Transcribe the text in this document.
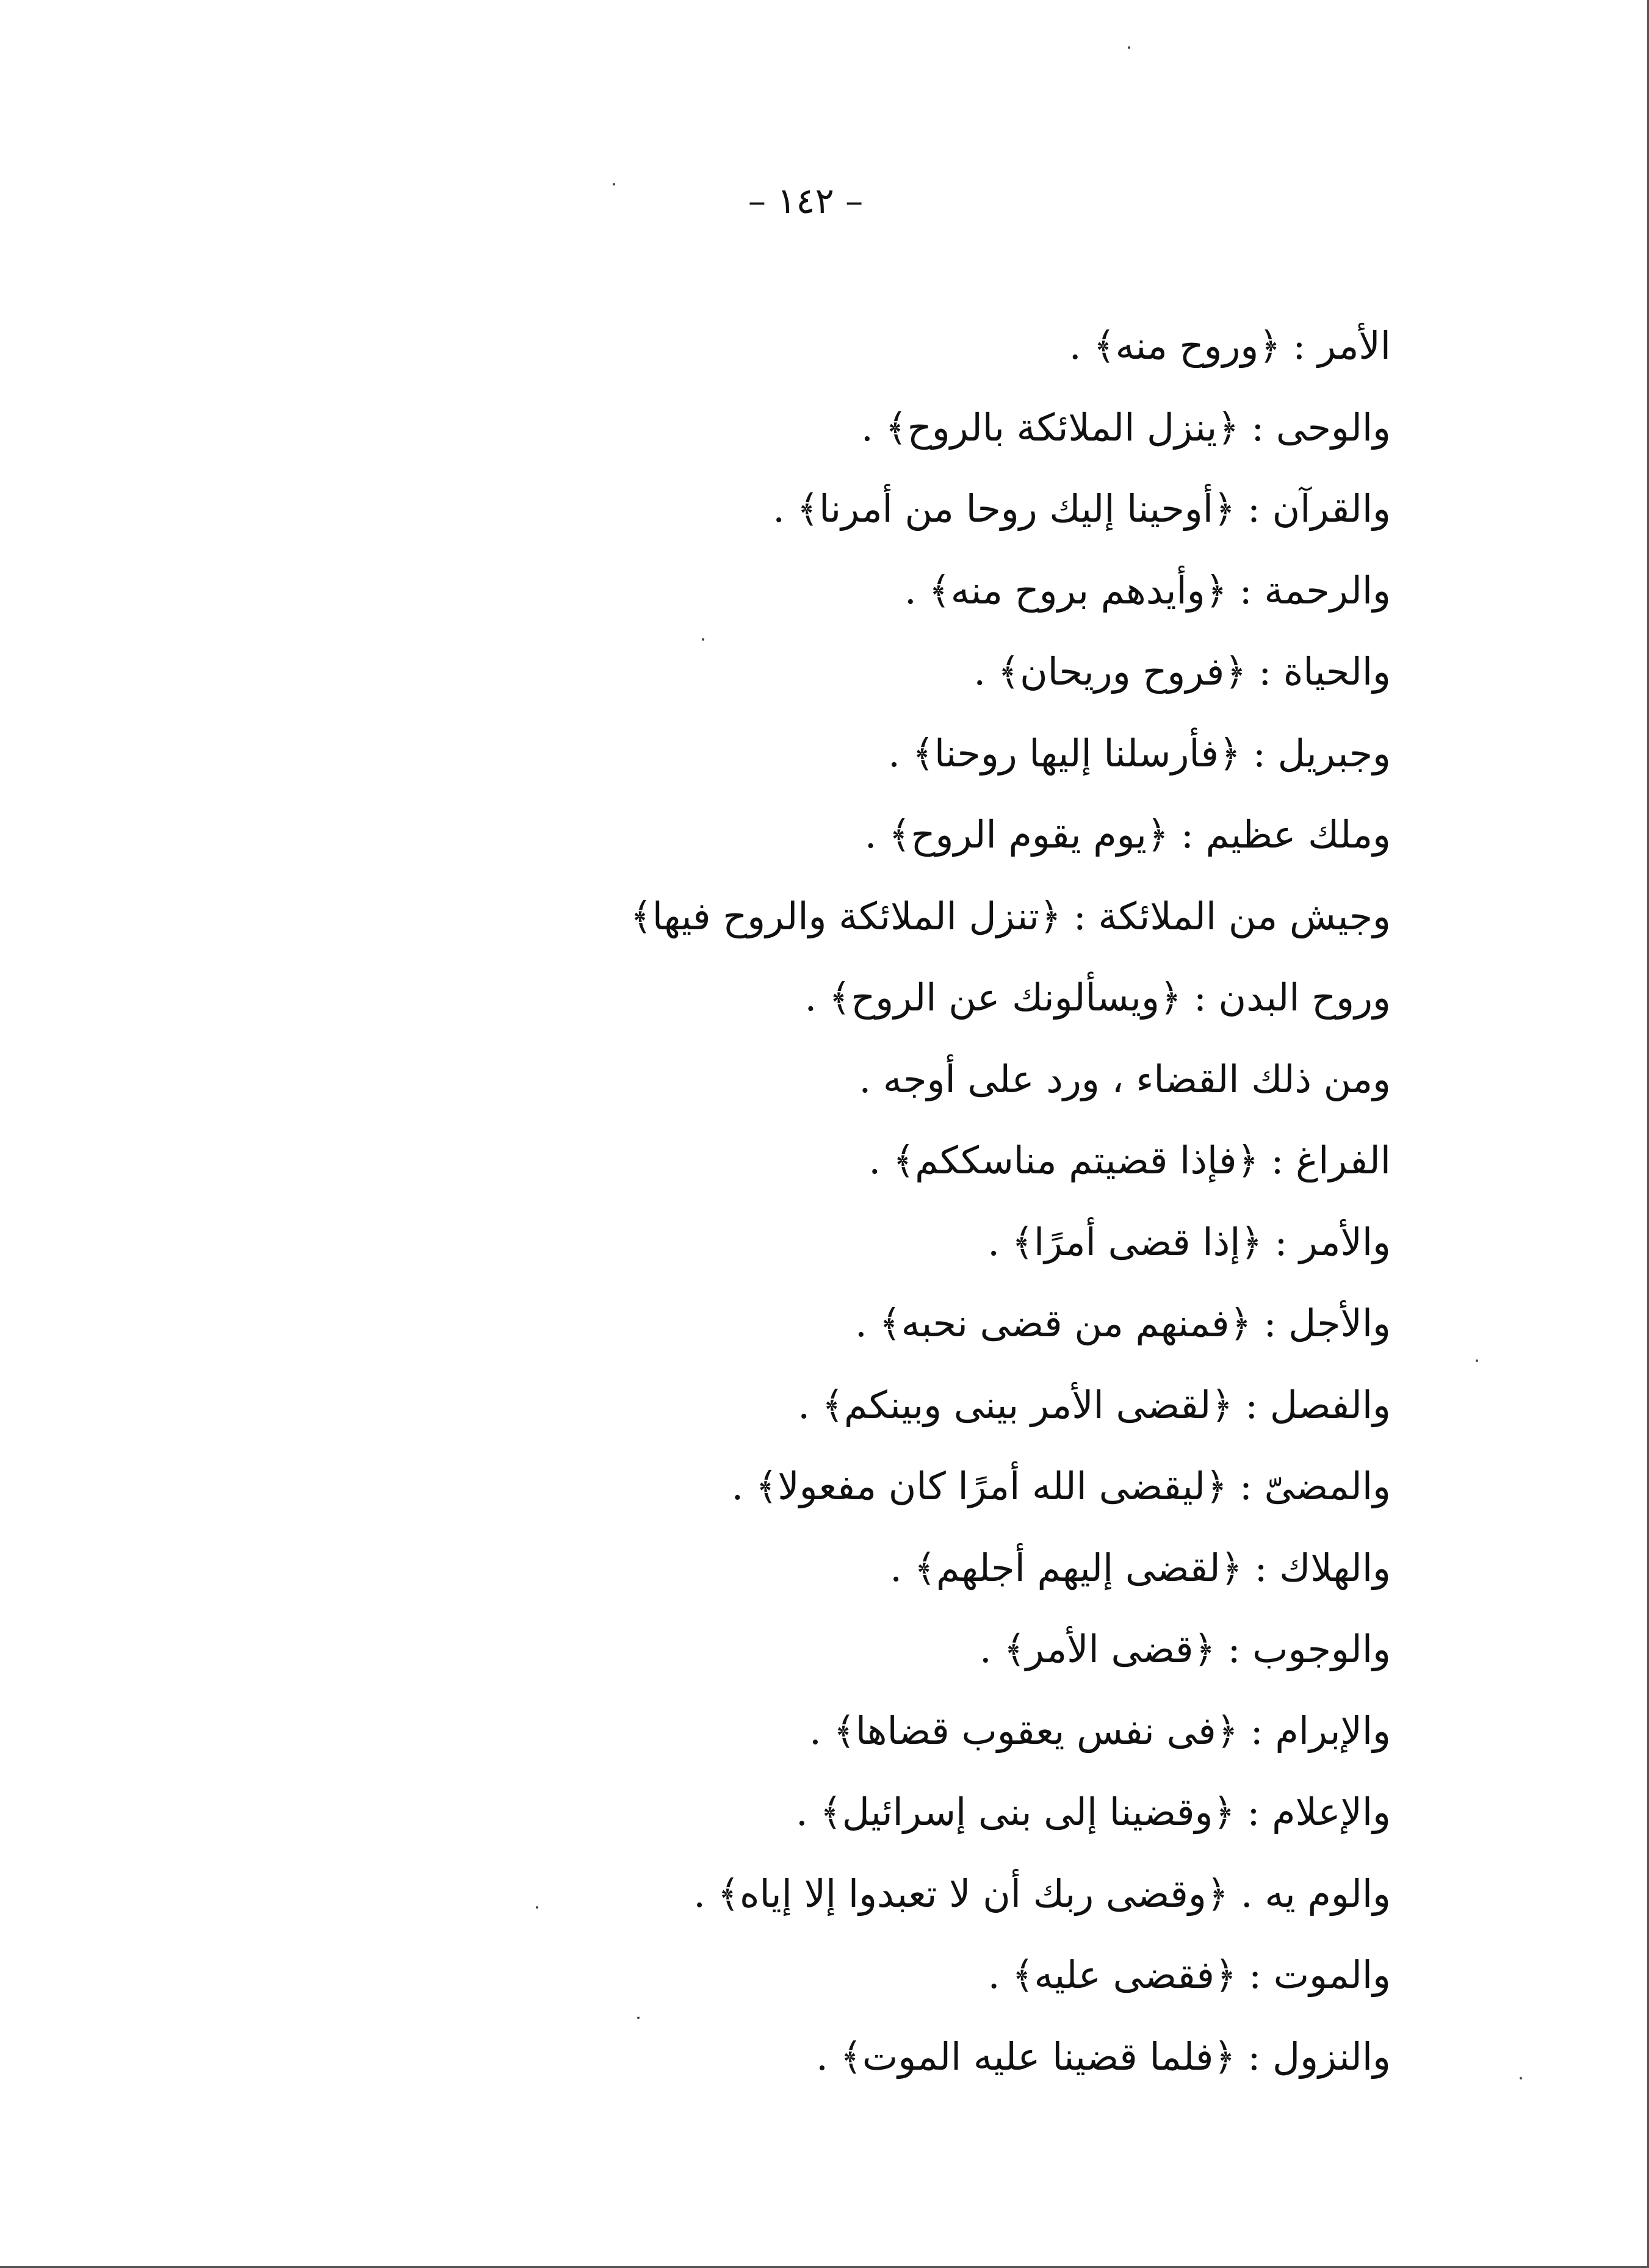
– ١٤٢ –
الأمر : ﴿وروح منه﴾ .
والوحى : ﴿ينزل الملائكة بالروح﴾ .
والقرآن : ﴿أوحينا إليك روحا من أمرنا﴾ .
والرحمة : ﴿وأيدهم بروح منه﴾ .
والحياة : ﴿فروح وريحان﴾ .
وجبريل : ﴿فأرسلنا إليها روحنا﴾ .
وملك عظيم : ﴿يوم يقوم الروح﴾ .
وجيش من الملائكة : ﴿تنزل الملائكة والروح فيها﴾
وروح البدن : ﴿ويسألونك عن الروح﴾ .
ومن ذلك القضاء ، ورد على أوجه .
الفراغ : ﴿فإذا قضيتم مناسككم﴾ .
والأمر : ﴿إذا قضى أمرًا﴾ .
والأجل : ﴿فمنهم من قضى نحبه﴾ .
والفصل : ﴿لقضى الأمر بينى وبينكم﴾ .
والمضىّ : ﴿ليقضى الله أمرًا كان مفعولا﴾ .
والهلاك : ﴿لقضى إليهم أجلهم﴾ .
والوجوب : ﴿قضى الأمر﴾ .
والإبرام : ﴿فى نفس يعقوب قضاها﴾ .
والإعلام : ﴿وقضينا إلى بنى إسرائيل﴾ .
والوم يه . ﴿وقضى ربك أن لا تعبدوا إلا إياه﴾ .
والموت : ﴿فقضى عليه﴾ .
والنزول : ﴿فلما قضينا عليه الموت﴾ .
